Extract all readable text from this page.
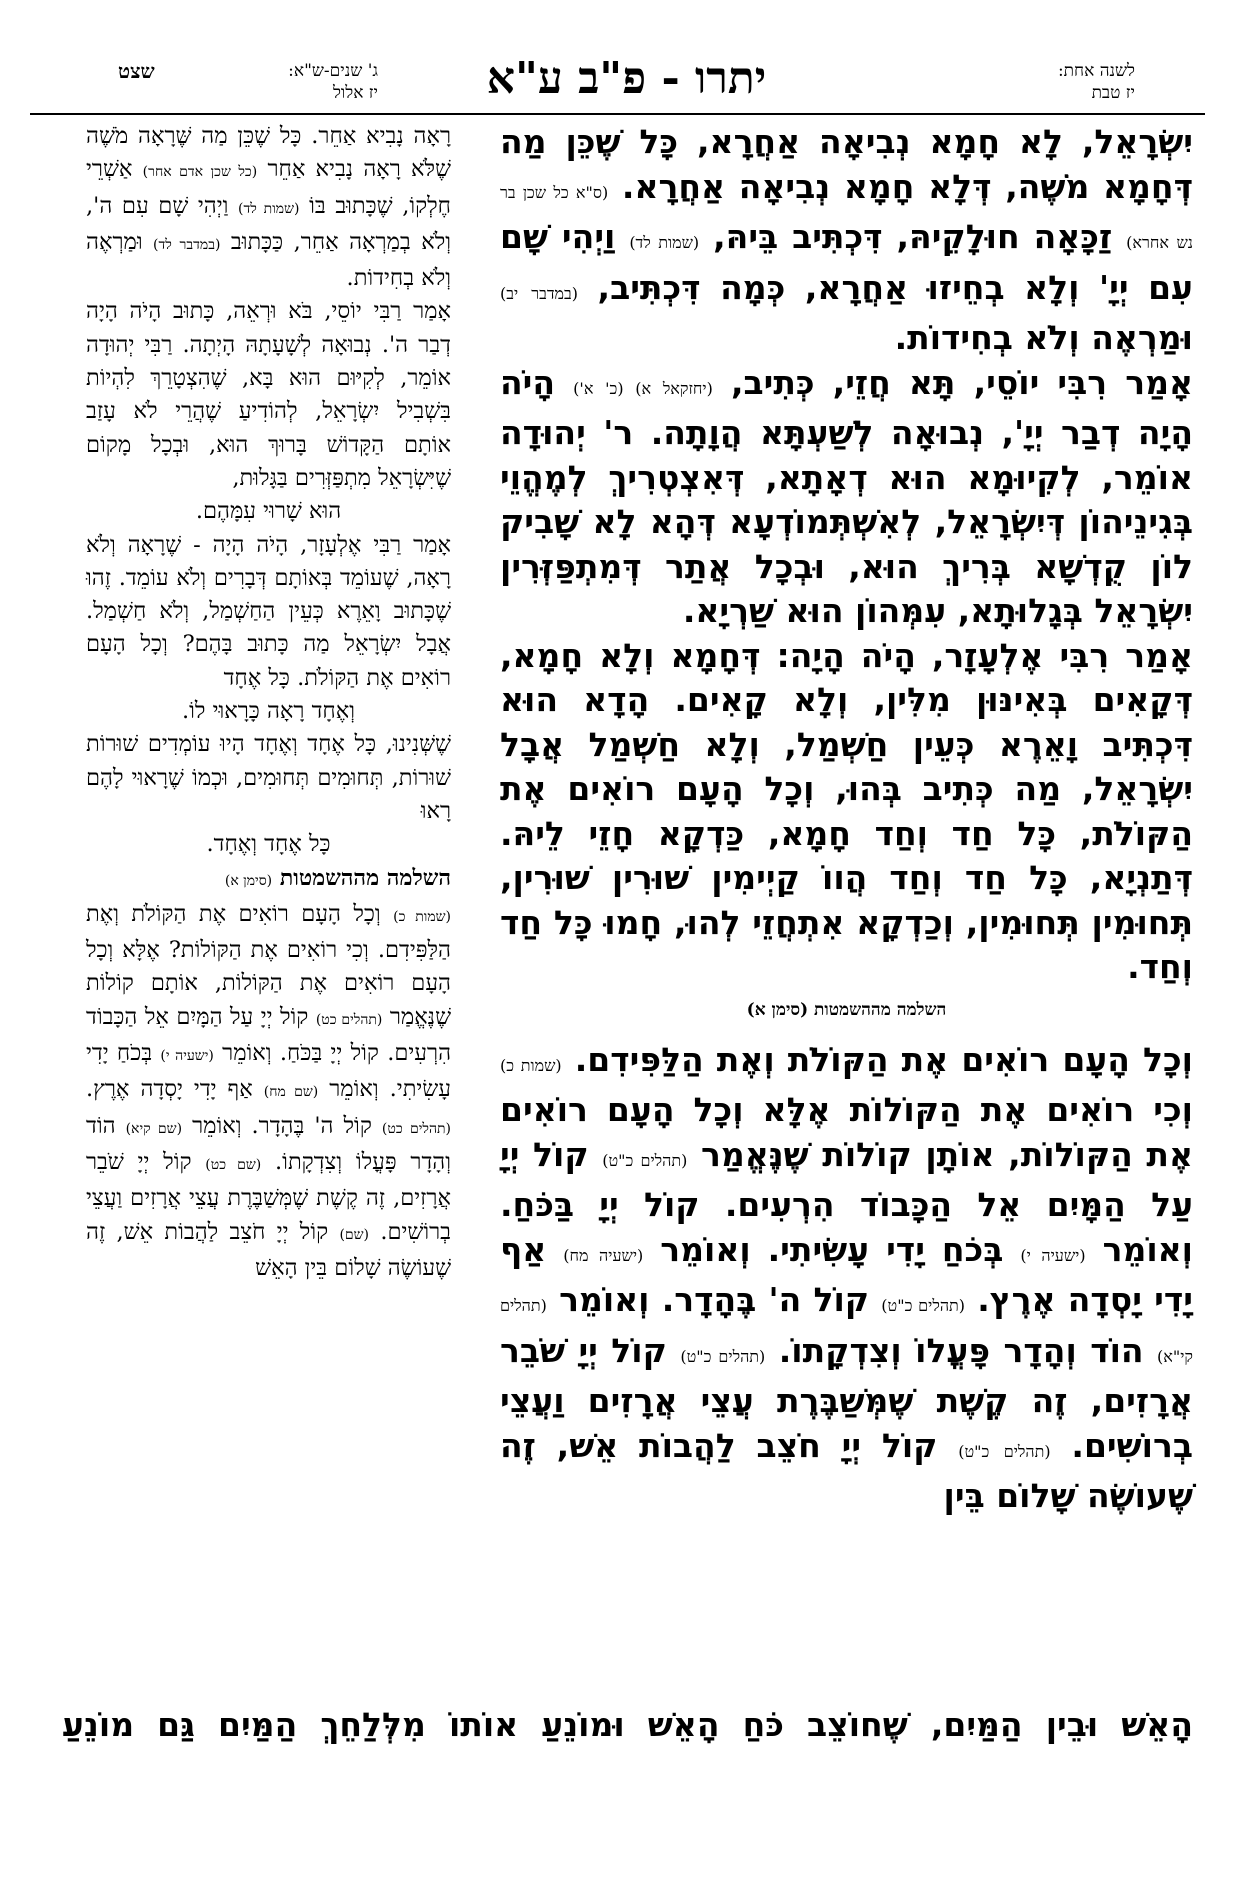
לשנה אחת:
יז טבת
יתרו - פ"ב ע"א
שצט	ג' שנים-ש"א:
יז אלול

יִשְׂרָאֵל, לָא חָמָא נְבִיאָה אַחֲרָא, כָּל שֶׁכֵּן מַה דְּחָמָא מֹשֶׁה, דְּלָא חָמָא נְבִיאָה אַחֲרָא. (ס"א כל שכן בר נש אחרא) זַכָּאָה חוּלָקֵיהּ, דִּכְתִּיב בֵּיהּ, (שמות לד) וַיְהִי שָׁם עִם יְיָ' וְלָא בְחֵיזוּ אַחֲרָא, כְּמָה דִּכְתִּיב, (במדבר יב) וּמַרְאֶה וְלֹא בְחִידוֹת.

אָמַר רִבִּי יוֹסֵי, תָּא חֲזֵי, כְּתִיב, (יחזקאל א) (כ' א') הָיֹה הָיָה דְבַר יְיָ', נְבוּאָה לְשַׁעְתָּא הֲוָתָה. ר' יְהוּדָה אוֹמֵר, לְקִיוּמָא הוּא דְאָתָא, דְּאִצְטְרִיךְ לְמֶהֱוֵי בְּגִינֵיהוֹן דְּיִשְׂרָאֵל, לְאִשְׁתְּמוֹדְעָא דְּהָא לָא שָׁבִיק לוֹן קֻדְשָׁא בְּרִיךְ הוּא, וּבְכָל אֲתַר דְּמִתְפַּזְּרִין יִשְׂרָאֵל בְּגָלוּתָא, עִמְּהוֹן הוּא שַׁרְיָא.

אָמַר רִבִּי אֶלְעָזָר, הָיֹה הָיָה: דְּחָמָא וְלָא חָמָא, דְּקָאִים בְּאִינּוּן מִלִּין, וְלָא קָאִים. הָדָא הוּא דִּכְתִּיב וָאֵרֶא כְּעֵין חַשְׁמַל, וְלָא חַשְׁמַל אֲבָל יִשְׂרָאֵל, מַה כְּתִיב בְּהוּ, וְכָל הָעָם רוֹאִים אֶת הַקּוֹלֹת, כָּל חַד וְחַד חָמָא, כַּדְקָא חָזֵי לֵיהּ. דְּתַנְיָא, כָּל חַד וְחַד הֲווֹ קַיְימִין שׁוּרִין שׁוּרִין, תְּחוּמִין תְּחוּמִין, וְכַדְקָא אִתְחֲזֵי לְהוּ, חָמוּ כָּל חַד וְחַד.

השלמה מההשמטות (סימן א)

וְכָל הָעָם רוֹאִים אֶת הַקּוֹלֹת וְאֶת הַלַּפִּידִם. (שמות כ) וְכִי רוֹאִים אֶת הַקּוֹלוֹת אֶלָּא וְכָל הָעָם רוֹאִים אֶת הַקּוֹלוֹת, אוֹתָן קוֹלוֹת שֶׁנֶּאֱמַר (תהלים כ"ט) קוֹל יְיָ עַל הַמָּיִם אֵל הַכָּבוֹד הִרְעִים. קוֹל יְיָ בַּכֹּחַ. וְאוֹמֵר (ישעיה י) בְּכֹחַ יָדִי עָשִׂיתִי. וְאוֹמֵר (ישעיה מח) אַף יָדִי יָסְדָה אֶרֶץ. (תהלים כ"ט) קוֹל ה' בֶּהָדָר. וְאוֹמֵר (תהלים קי"א) הוֹד וְהָדָר פָּעֳלוֹ וְצִדְקָתוֹ. (תהלים כ"ט) קוֹל יְיָ שֹׁבֵר אֲרָזִים, זֶה קֶשֶׁת שֶׁמְּשַׁבֶּרֶת עֲצֵי אֲרָזִים וַעֲצֵי בְרוֹשִׁים. (תהלים כ"ט) קוֹל יְיָ חֹצֵב לַהֲבוֹת אֵשׁ, זֶה שֶׁעוֹשֶׂה שָׁלוֹם בֵּין

רָאָה נָבִיא אַחֵר. כָּל שֶׁכֵּן מַה שֶּׁרָאָה מֹשֶׁה שֶׁלֹּא רָאָה נָבִיא אַחֵר (כל שכן אדם אחר) אַשְׁרֵי חֶלְקוֹ, שֶׁכָּתוּב בּוֹ (שמות לד) וַיְהִי שָׁם עִם ה', וְלֹא בְמַרְאָה אַחֵר, כַּכָּתוּב (במדבר לד) וּמַרְאֶה וְלֹא בְחִידוֹת.

אָמַר רַבִּי יוֹסֵי, בֹּא וּרְאֵה, כָּתוּב הָיֹה הָיָה דְבַר ה'. נְבוּאָה לְשָׁעָתָהּ הָיְתָה. רַבִּי יְהוּדָה אוֹמֵר, לְקִיּוּם הוּא בָּא, שֶׁהִצְטָרֵךְ לִהְיוֹת בִּשְׁבִיל יִשְׂרָאֵל, לְהוֹדִיעַ שֶׁהֲרֵי לֹא עָזַב אוֹתָם הַקָּדוֹשׁ בָּרוּךְ הוּא, וּבְכָל מָקוֹם שֶׁיִּשְׂרָאֵל מִתְפַּזְּרִים בַּגָּלוּת,

הוּא שָׁרוּי עִמָּהֶם.

אָמַר רַבִּי אֶלְעָזָר, הָיֹה הָיָה - שֶׁרָאָה וְלֹא רָאָה, שֶׁעוֹמֵד בְּאוֹתָם דְּבָרִים וְלֹא עוֹמֵד. זֶהוּ שֶׁכָּתוּב וָאֵרֶא כְּעֵין הַחַשְׁמַל, וְלֹא חַשְׁמַל. אֲבָל יִשְׂרָאֵל מַה כָּתוּב בָּהֶם? וְכָל הָעָם רוֹאִים אֶת הַקּוֹלֹת. כָּל אֶחָד

וְאֶחָד רָאָה כָּרָאוּי לוֹ.

שֶׁשְּׁנִינוּ, כָּל אֶחָד וְאֶחָד הָיוּ עוֹמְדִים שׁוּרוֹת שׁוּרוֹת, תְּחוּמִים תְּחוּמִים, וּכְמוֹ שֶׁרָאוּי לָהֶם רָאוּ

כָּל אֶחָד וְאֶחָד.

השלמה מההשמטות (סימן א)

(שמות כ) וְכָל הָעָם רוֹאִים אֶת הַקּוֹלֹת וְאֶת הַלַּפִּידִם. וְכִי רוֹאִים אֶת הַקּוֹלוֹת? אֶלָּא וְכָל הָעָם רוֹאִים אֶת הַקּוֹלוֹת, אוֹתָם קוֹלוֹת שֶׁנֶּאֱמַר (תהלים כט) קוֹל יְיָ עַל הַמָּיִם אֵל הַכָּבוֹד הִרְעִים. קוֹל יְיָ בַּכֹּחַ. וְאוֹמֵר (ישעיה י) בְּכֹחַ יָדִי עָשִׂיתִי. וְאוֹמֵר (שם מח) אַף יָדִי יָסְדָה אֶרֶץ. (תהלים כט) קוֹל ה' בֶּהָדָר. וְאוֹמֵר (שם קיא) הוֹד וְהָדָר פָּעֳלוֹ וְצִדְקָתוֹ. (שם כט) קוֹל יְיָ שֹׁבֵר אֲרָזִים, זֶה קֶשֶׁת שֶׁמְּשַׁבֶּרֶת עֲצֵי אֲרָזִים וַעֲצֵי בְרוֹשִׁים. (שם) קוֹל יְיָ חֹצֵב לַהֲבוֹת אֵשׁ, זֶה שֶׁעוֹשֶׂה שָׁלוֹם בֵּין הָאֵשׁ

הָאֵשׁ וּבֵין הַמַּיִם, שֶׁחוֹצֵב כֹּחַ הָאֵשׁ וּמוֹנֵעַ אוֹתוֹ מִלְּלַחֵךְ הַמַּיִם גַּם מוֹנֵעַ
